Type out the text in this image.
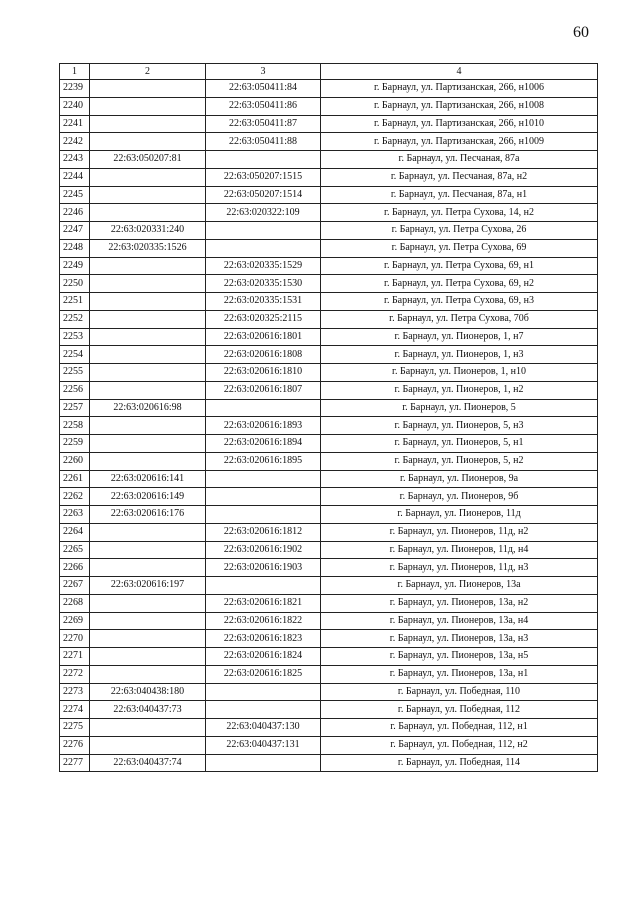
60
1	2	3	4
2239		22:63:050411:84	г. Барнаул, ул. Партизанская, 266, н1006
2240		22:63:050411:86	г. Барнаул, ул. Партизанская, 266, н1008
2241		22:63:050411:87	г. Барнаул, ул. Партизанская, 266, н1010
2242		22:63:050411:88	г. Барнаул, ул. Партизанская, 266, н1009
2243	22:63:050207:81		г. Барнаул, ул. Песчаная, 87а
2244		22:63:050207:1515	г. Барнаул, ул. Песчаная, 87а, н2
2245		22:63:050207:1514	г. Барнаул, ул. Песчаная, 87а, н1
2246		22:63:020322:109	г. Барнаул, ул. Петра Сухова, 14, н2
2247	22:63:020331:240		г. Барнаул, ул. Петра Сухова, 26
2248	22:63:020335:1526		г. Барнаул, ул. Петра Сухова, 69
2249		22:63:020335:1529	г. Барнаул, ул. Петра Сухова, 69, н1
2250		22:63:020335:1530	г. Барнаул, ул. Петра Сухова, 69, н2
2251		22:63:020335:1531	г. Барнаул, ул. Петра Сухова, 69, н3
2252		22:63:020325:2115	г. Барнаул, ул. Петра Сухова, 70б
2253		22:63:020616:1801	г. Барнаул, ул. Пионеров, 1, н7
2254		22:63:020616:1808	г. Барнаул, ул. Пионеров, 1, н3
2255		22:63:020616:1810	г. Барнаул, ул. Пионеров, 1, н10
2256		22:63:020616:1807	г. Барнаул, ул. Пионеров, 1, н2
2257	22:63:020616:98		г. Барнаул, ул. Пионеров, 5
2258		22:63:020616:1893	г. Барнаул, ул. Пионеров, 5, н3
2259		22:63:020616:1894	г. Барнаул, ул. Пионеров, 5, н1
2260		22:63:020616:1895	г. Барнаул, ул. Пионеров, 5, н2
2261	22:63:020616:141		г. Барнаул, ул. Пионеров, 9а
2262	22:63:020616:149		г. Барнаул, ул. Пионеров, 9б
2263	22:63:020616:176		г. Барнаул, ул. Пионеров, 11д
2264		22:63:020616:1812	г. Барнаул, ул. Пионеров, 11д, н2
2265		22:63:020616:1902	г. Барнаул, ул. Пионеров, 11д, н4
2266		22:63:020616:1903	г. Барнаул, ул. Пионеров, 11д, н3
2267	22:63:020616:197		г. Барнаул, ул. Пионеров, 13а
2268		22:63:020616:1821	г. Барнаул, ул. Пионеров, 13а, н2
2269		22:63:020616:1822	г. Барнаул, ул. Пионеров, 13а, н4
2270		22:63:020616:1823	г. Барнаул, ул. Пионеров, 13а, н3
2271		22:63:020616:1824	г. Барнаул, ул. Пионеров, 13а, н5
2272		22:63:020616:1825	г. Барнаул, ул. Пионеров, 13а, н1
2273	22:63:040438:180		г. Барнаул, ул. Победная, 110
2274	22:63:040437:73		г. Барнаул, ул. Победная, 112
2275		22:63:040437:130	г. Барнаул, ул. Победная, 112, н1
2276		22:63:040437:131	г. Барнаул, ул. Победная, 112, н2
2277	22:63:040437:74		г. Барнаул, ул. Победная, 114
